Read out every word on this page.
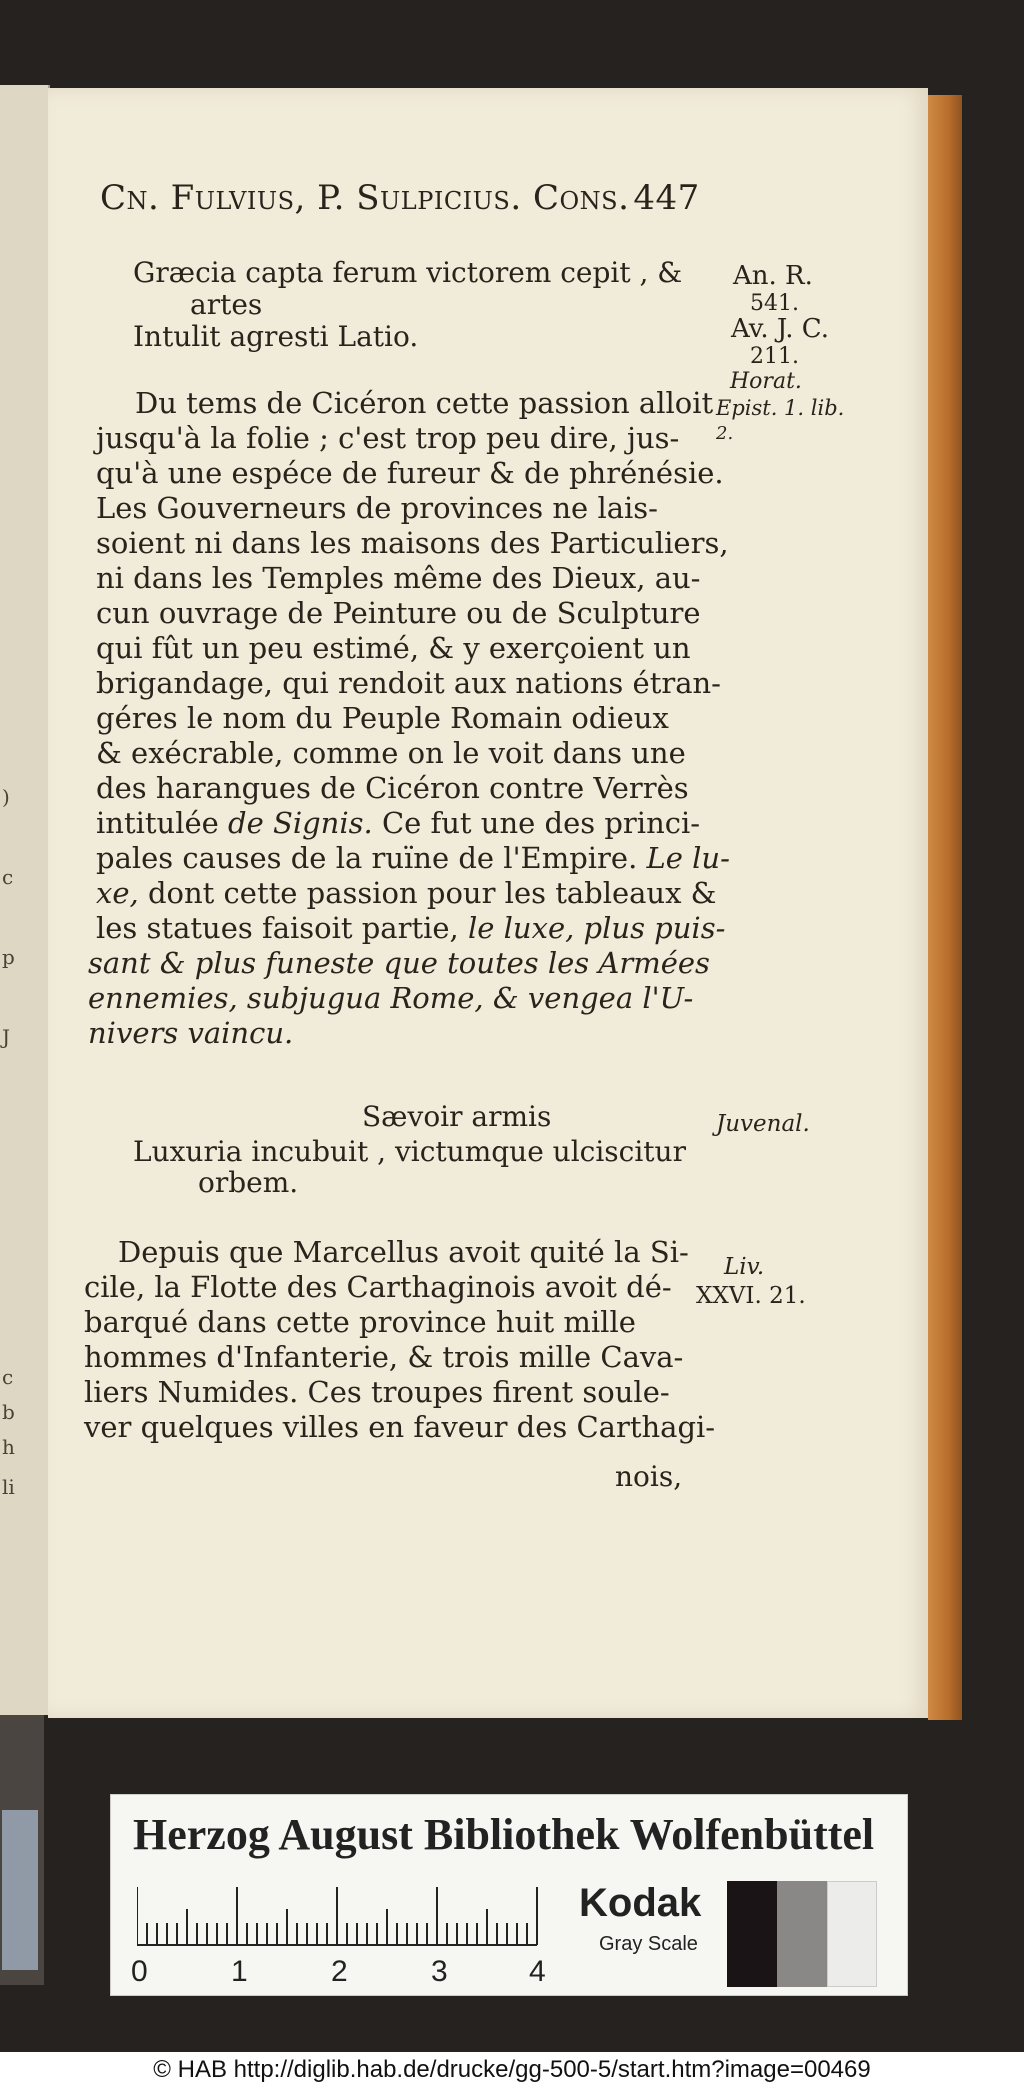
)
c
p
J
c
b
h
li
Cn. Fulvius, P. Sulpicius. Cons. 447
Græcia capta ferum victorem cepit , &
artes
Intulit agresti Latio.
Du tems de Cicéron cette passion alloit
jusqu'à la folie ; c'est trop peu dire, jus-
qu'à une espéce de fureur & de phrénésie.
Les Gouverneurs de provinces ne lais-
soient ni dans les maisons des Particuliers,
ni dans les Temples même des Dieux, au-
cun ouvrage de Peinture ou de Sculpture
qui fût un peu estimé, & y exerçoient un
brigandage, qui rendoit aux nations étran-
géres le nom du Peuple Romain odieux
& exécrable, comme on le voit dans une
des harangues de Cicéron contre Verrès
intitulée de Signis. Ce fut une des princi-
pales causes de la ruïne de l'Empire. Le lu-
xe, dont cette passion pour les tableaux &
les statues faisoit partie, le luxe, plus puis-
sant & plus funeste que toutes les Armées
ennemies, subjugua Rome, & vengea l'U-
nivers vaincu.
Sævoir armis
Luxuria incubuit , victumque ulciscitur
orbem.
Depuis que Marcellus avoit quité la Si-
cile, la Flotte des Carthaginois avoit dé-
barqué dans cette province huit mille
hommes d'Infanterie, & trois mille Cava-
liers Numides. Ces troupes firent soule-
ver quelques villes en faveur des Carthagi-
nois,
An. R.
541.
Av. J. C.
211.
Horat.
Epist. 1. lib.
2.
Juvenal.
Liv.
XXVI. 21.
Herzog August Bibliothek Wolfenbüttel
0	1	2	3	4
Kodak
Gray Scale
© HAB http://diglib.hab.de/drucke/gg-500-5/start.htm?image=00469
